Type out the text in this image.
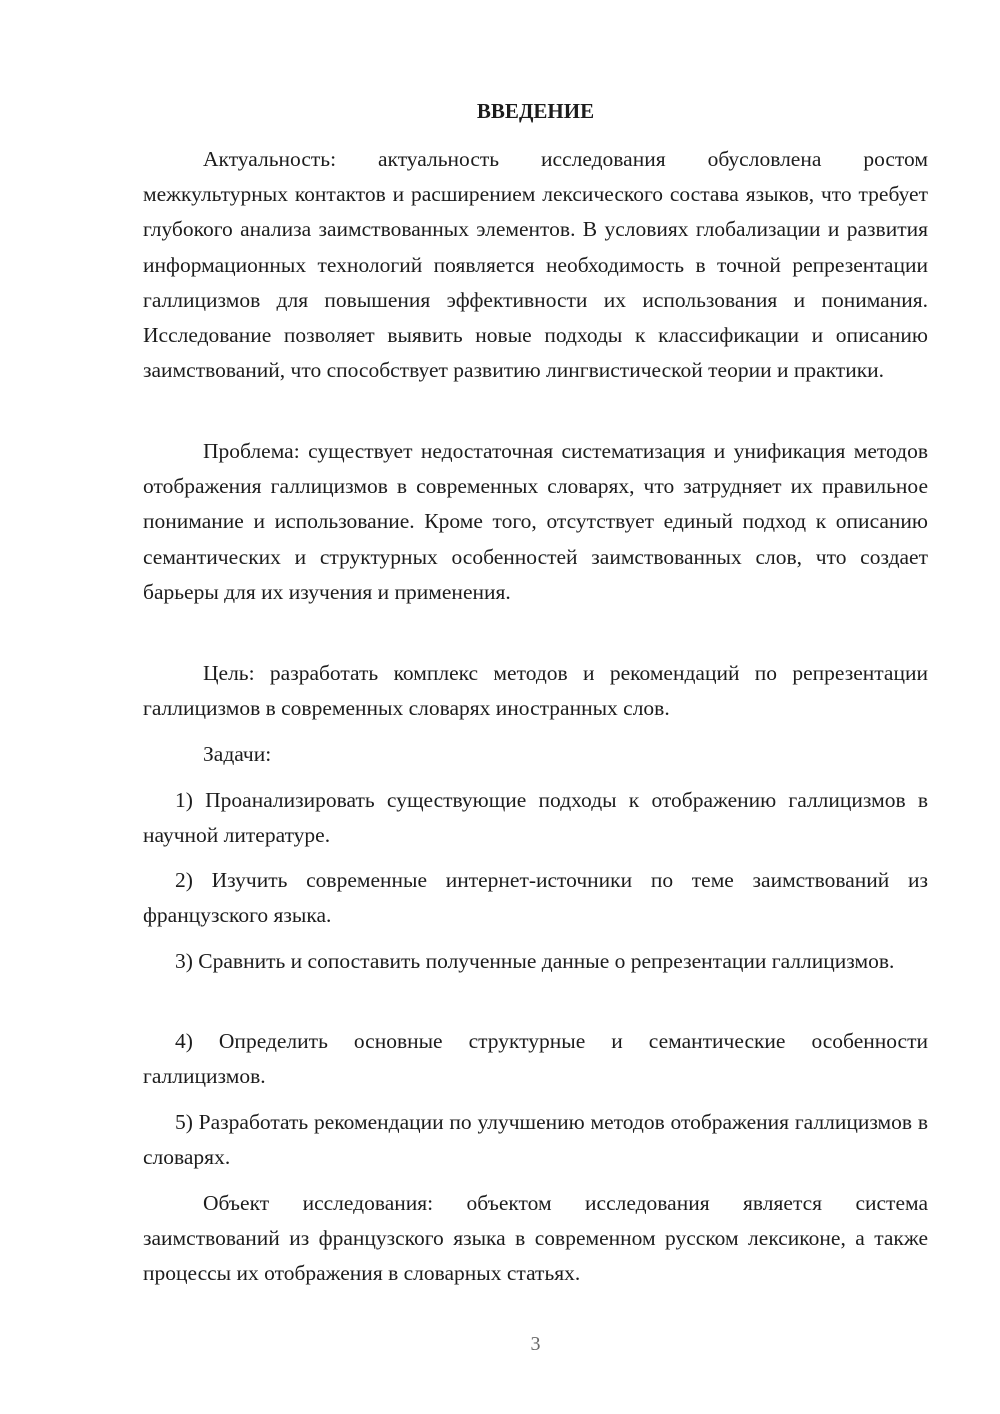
ВВЕДЕНИЕ

Актуальность: актуальность исследования обусловлена ростом межкультурных контактов и расширением лексического состава языков, что требует глубокого анализа заимствованных элементов. В условиях глобализации и развития информационных технологий появляется необходимость в точной репрезентации галлицизмов для повышения эффективности их использования и понимания. Исследование позволяет выявить новые подходы к классификации и описанию заимствований, что способствует развитию лингвистической теории и практики.

Проблема: существует недостаточная систематизация и унификация методов отображения галлицизмов в современных словарях, что затрудняет их правильное понимание и использование. Кроме того, отсутствует единый подход к описанию семантических и структурных особенностей заимствованных слов, что создает барьеры для их изучения и применения.

Цель: разработать комплекс методов и рекомендаций по репрезентации галлицизмов в современных словарях иностранных слов.

Задачи:

1) Проанализировать существующие подходы к отображению галлицизмов в научной литературе.

2) Изучить современные интернет-источники по теме заимствований из французского языка.

3) Сравнить и сопоставить полученные данные о репрезентации галлицизмов.

4) Определить основные структурные и семантические особенности галлицизмов.

5) Разработать рекомендации по улучшению методов отображения галлицизмов в словарях.

Объект исследования: объектом исследования является система заимствований из французского языка в современном русском лексиконе, а также процессы их отображения в словарных статьях.

3
